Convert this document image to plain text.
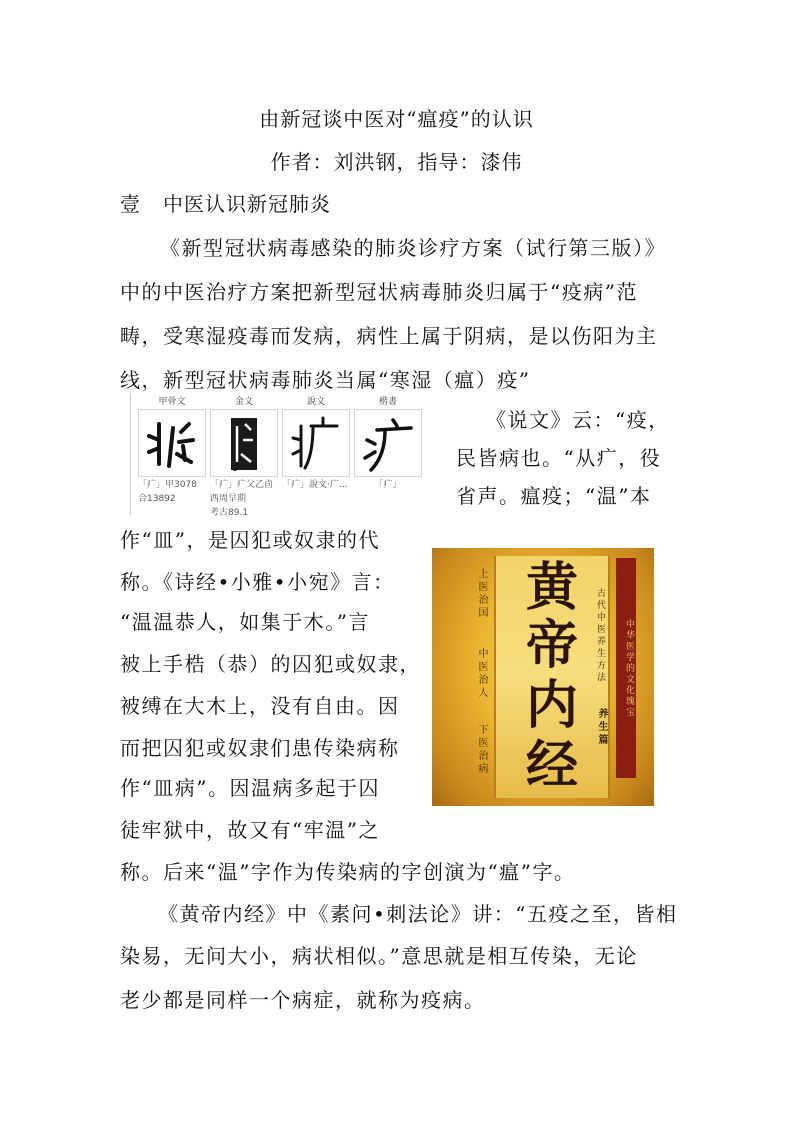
由新冠谈中医对“瘟疫”的认识
作者：刘洪钢，指导：漆伟
壹 中医认识新冠肺炎
《新型冠状病毒感染的肺炎诊疗方案（试行第三版）》
中的中医治疗方案把新型冠状病毒肺炎归属于“疫病”范
畴，受寒湿疫毒而发病，病性上属于阴病，是以伤阳为主
线，新型冠状病毒肺炎当属“寒湿（瘟）疫”
甲骨文
「疒」甲3078
合13892
金文
「疒」疒父乙卣
西周早期
考古89.1
說文
「疒」說文‧广...
楷書
「疒」
《说文》云：“疫，
民皆病也。“从疒，役
省声。瘟疫；“温”本
作“皿”，是囚犯或奴隶的代
称。《诗经•小雅•小宛》言：
“温温恭人，如集于木。”言
被上手梏（恭）的囚犯或奴隶，
被缚在大木上，没有自由。因
而把囚犯或奴隶们患传染病称
作“皿病”。因温病多起于囚
徒牢狱中，故又有“牢温”之
称。后来“温”字作为传染病的字创演为“瘟”字。
上医治国
中医治人
下医治病
黄
帝
内
经
古代中医养生方法
养生篇
中华医学的文化瑰宝
《黄帝内经》中《素问•刺法论》讲：“五疫之至，皆相
染易，无问大小，病状相似。”意思就是相互传染，无论
老少都是同样一个病症，就称为疫病。
